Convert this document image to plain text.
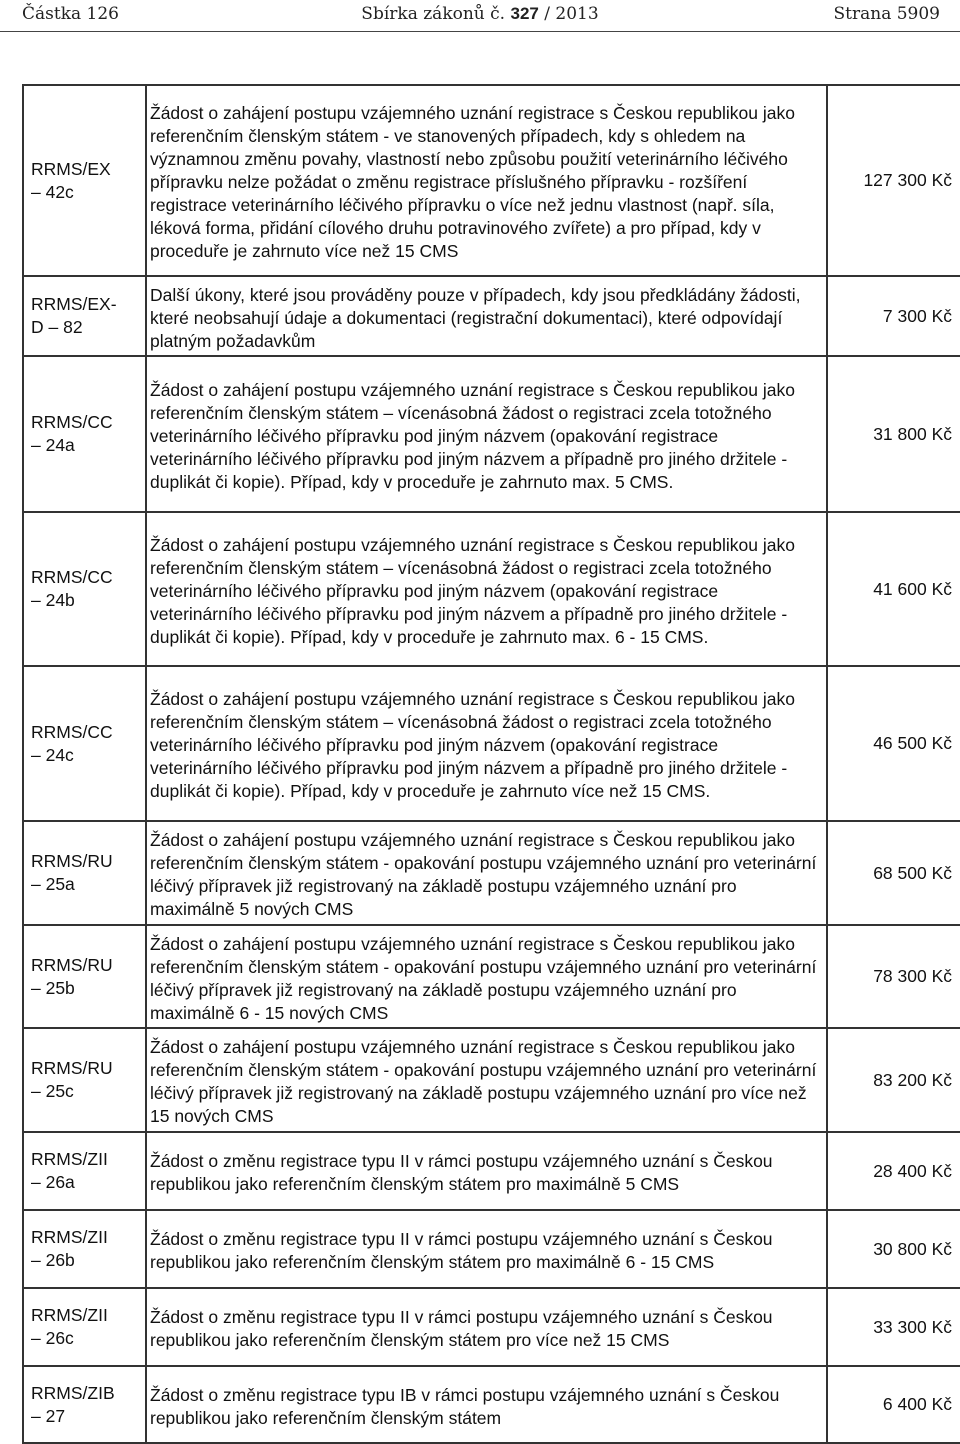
Částka 126	Sbírka zákonů č. 327 / 2013	Strana 5909
RRMS/EX
– 42c	Žádost o zahájení postupu vzájemného uznání registrace s Českou republikou jako referenčním členským státem - ve stanovených případech, kdy s ohledem na významnou změnu povahy, vlastností nebo způsobu použití veterinárního léčivého přípravku nelze požádat o změnu registrace příslušného přípravku - rozšíření registrace veterinárního léčivého přípravku o více než jednu vlastnost (např. síla, léková forma, přidání cílového druhu potravinového zvířete) a pro případ, kdy v proceduře je zahrnuto více než 15 CMS	127 300 Kč

RRMS/EX-
D – 82	Další úkony, které jsou prováděny pouze v případech, kdy jsou předkládány žádosti, které neobsahují údaje a dokumentaci (registrační dokumentaci), které odpovídají platným požadavkům	7 300 Kč

RRMS/CC
– 24a	Žádost o zahájení postupu vzájemného uznání registrace s Českou republikou jako referenčním členským státem – vícenásobná žádost o registraci zcela totožného veterinárního léčivého přípravku pod jiným názvem (opakování registrace veterinárního léčivého přípravku pod jiným názvem a případně pro jiného držitele - duplikát či kopie). Případ, kdy v proceduře je zahrnuto max. 5 CMS.	31 800 Kč

RRMS/CC
– 24b	Žádost o zahájení postupu vzájemného uznání registrace s Českou republikou jako referenčním členským státem – vícenásobná žádost o registraci zcela totožného veterinárního léčivého přípravku pod jiným názvem (opakování registrace veterinárního léčivého přípravku pod jiným názvem a případně pro jiného držitele - duplikát či kopie). Případ, kdy v proceduře je zahrnuto max. 6 - 15 CMS.	41 600 Kč

RRMS/CC
– 24c	Žádost o zahájení postupu vzájemného uznání registrace s Českou republikou jako referenčním členským státem – vícenásobná žádost o registraci zcela totožného veterinárního léčivého přípravku pod jiným názvem (opakování registrace veterinárního léčivého přípravku pod jiným názvem a případně pro jiného držitele - duplikát či kopie). Případ, kdy v proceduře je zahrnuto více než 15 CMS.	46 500 Kč

RRMS/RU
– 25a	Žádost o zahájení postupu vzájemného uznání registrace s Českou republikou jako referenčním členským státem - opakování postupu vzájemného uznání pro veterinární léčivý přípravek již registrovaný na základě postupu vzájemného uznání pro maximálně 5 nových CMS	68 500 Kč

RRMS/RU
– 25b	Žádost o zahájení postupu vzájemného uznání registrace s Českou republikou jako referenčním členským státem - opakování postupu vzájemného uznání pro veterinární léčivý přípravek již registrovaný na základě postupu vzájemného uznání pro maximálně 6 - 15 nových CMS	78 300 Kč

RRMS/RU
– 25c	Žádost o zahájení postupu vzájemného uznání registrace s Českou republikou jako referenčním členským státem - opakování postupu vzájemného uznání pro veterinární léčivý přípravek již registrovaný na základě postupu vzájemného uznání pro více než 15 nových CMS	83 200 Kč

RRMS/ZII
– 26a	Žádost o změnu registrace typu II v rámci postupu vzájemného uznání s Českou republikou jako referenčním členským státem pro maximálně 5 CMS	28 400 Kč

RRMS/ZII
– 26b	Žádost o změnu registrace typu II v rámci postupu vzájemného uznání s Českou republikou jako referenčním členským státem pro maximálně 6 - 15 CMS	30 800 Kč

RRMS/ZII
– 26c	Žádost o změnu registrace typu II v rámci postupu vzájemného uznání s Českou republikou jako referenčním členským státem pro více než 15 CMS	33 300 Kč

RRMS/ZIB
– 27	Žádost o změnu registrace typu IB v rámci postupu vzájemného uznání s Českou republikou jako referenčním členským státem	6 400 Kč
